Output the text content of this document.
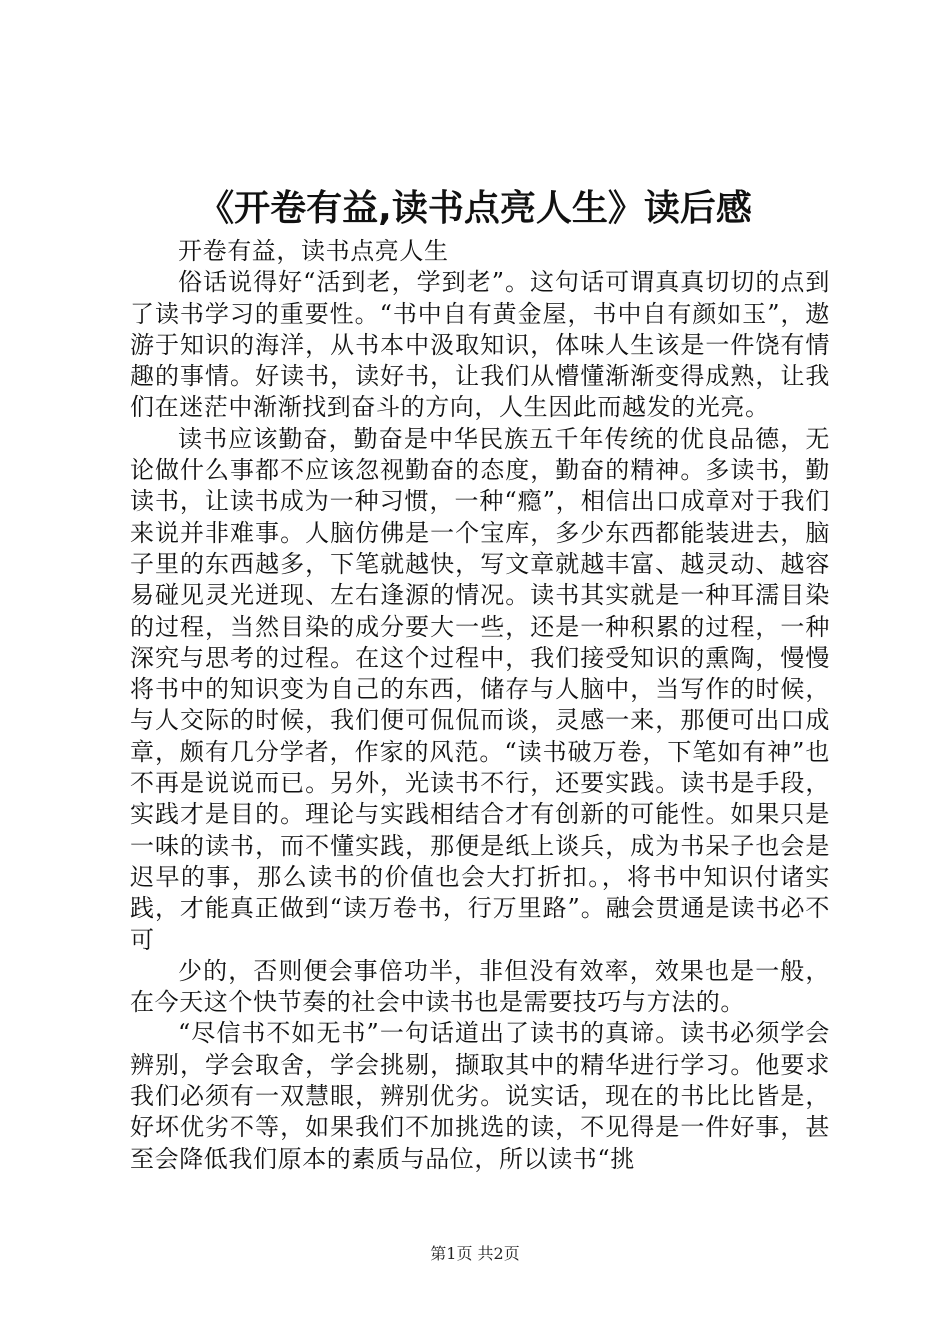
《开卷有益,读书点亮人生》读后感

开卷有益，读书点亮人生

俗话说得好“活到老，学到老”。这句话可谓真真切切的点到了读书学习的重要性。“书中自有黄金屋，书中自有颜如玉”，遨游于知识的海洋，从书本中汲取知识，体味人生该是一件饶有情趣的事情。好读书，读好书，让我们从懵懂渐渐变得成熟，让我们在迷茫中渐渐找到奋斗的方向，人生因此而越发的光亮。

读书应该勤奋，勤奋是中华民族五千年传统的优良品德，无论做什么事都不应该忽视勤奋的态度，勤奋的精神。多读书，勤读书，让读书成为一种习惯，一种“瘾”，相信出口成章对于我们来说并非难事。人脑仿佛是一个宝库，多少东西都能装进去，脑子里的东西越多，下笔就越快，写文章就越丰富、越灵动、越容易碰见灵光迸现、左右逢源的情况。读书其实就是一种耳濡目染的过程，当然目染的成分要大一些，还是一种积累的过程，一种深究与思考的过程。在这个过程中，我们接受知识的熏陶，慢慢将书中的知识变为自己的东西，储存与人脑中，当写作的时候，与人交际的时候，我们便可侃侃而谈，灵感一来，那便可出口成章，颇有几分学者，作家的风范。“读书破万卷，下笔如有神”也不再是说说而已。另外，光读书不行，还要实践。读书是手段，实践才是目的。理论与实践相结合才有创新的可能性。如果只是一味的读书，而不懂实践，那便是纸上谈兵，成为书呆子也会是迟早的事，那么读书的价值也会大打折扣。，将书中知识付诸实践，才能真正做到“读万卷书，行万里路”。融会贯通是读书必不可

少的，否则便会事倍功半，非但没有效率，效果也是一般，在今天这个快节奏的社会中读书也是需要技巧与方法的。

“尽信书不如无书”一句话道出了读书的真谛。读书必须学会辨别，学会取舍，学会挑剔，撷取其中的精华进行学习。他要求我们必须有一双慧眼，辨别优劣。说实话，现在的书比比皆是，好坏优劣不等，如果我们不加挑选的读，不见得是一件好事，甚至会降低我们原本的素质与品位，所以读书“挑

第1页 共2页
